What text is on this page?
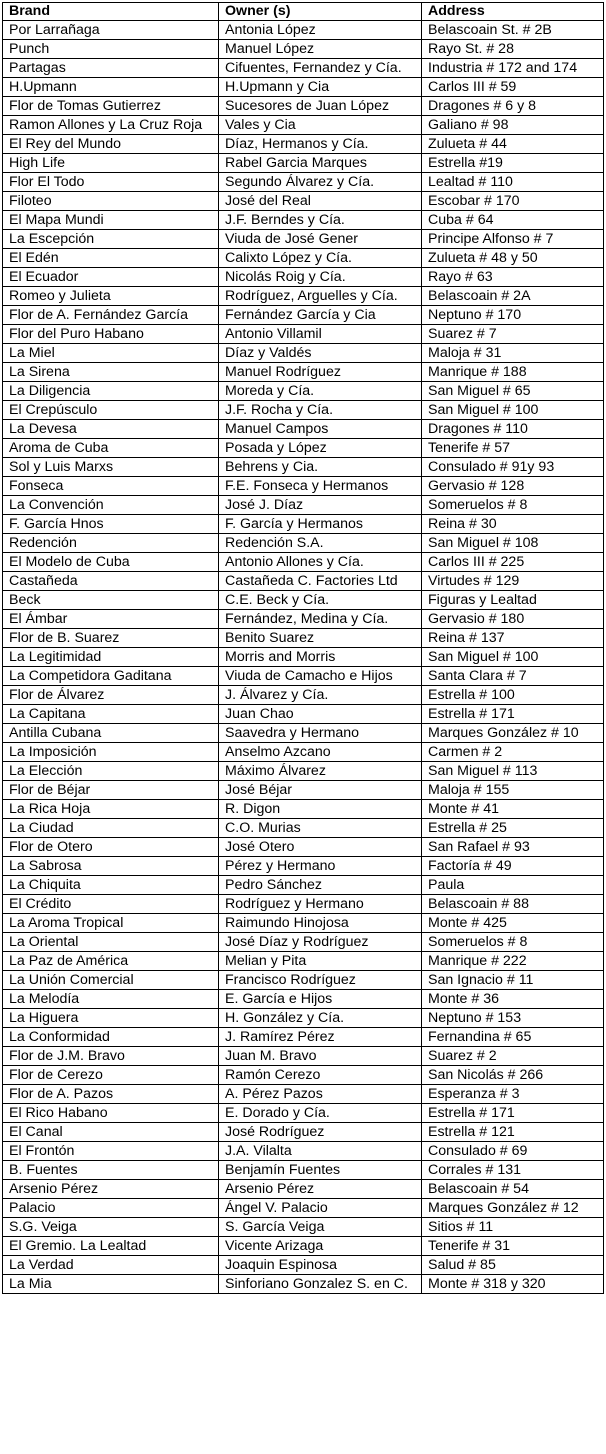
Brand	Owner (s)	Address
Por Larrañaga	Antonia López	Belascoain St. # 2B
Punch	Manuel López	Rayo St. # 28
Partagas	Cifuentes, Fernandez y Cía.	Industria # 172 and 174
H.Upmann	H.Upmann y Cia	Carlos III # 59
Flor de Tomas Gutierrez	Sucesores de Juan López	Dragones # 6 y 8
Ramon Allones y La Cruz Roja	Vales y Cia	Galiano # 98
El Rey del Mundo	Díaz, Hermanos y Cía.	Zulueta # 44
High Life	Rabel Garcia Marques	Estrella #19
Flor El Todo	Segundo Álvarez y Cía.	Lealtad # 110
Filoteo	José del Real	Escobar # 170
El Mapa Mundi	J.F. Berndes y Cía.	Cuba # 64
La Escepción	Viuda de José Gener	Principe Alfonso # 7
El Edén	Calixto López y Cía.	Zulueta # 48 y 50
El Ecuador	Nicolás Roig y Cía.	Rayo # 63
Romeo y Julieta	Rodríguez, Arguelles y Cía.	Belascoain # 2A
Flor de A. Fernández García	Fernández García y Cia	Neptuno # 170
Flor del Puro Habano	Antonio Villamil	Suarez # 7
La Miel	Díaz y Valdés	Maloja # 31
La Sirena	Manuel Rodríguez	Manrique # 188
La Diligencia	Moreda y Cía.	San Miguel # 65
El Crepúsculo	J.F. Rocha y Cía.	San Miguel # 100
La Devesa	Manuel Campos	Dragones # 110
Aroma de Cuba	Posada y López	Tenerife # 57
Sol y Luis Marxs	Behrens y Cia.	Consulado # 91y 93
Fonseca	F.E. Fonseca y Hermanos	Gervasio # 128
La Convención	José J. Díaz	Someruelos # 8
F. García Hnos	F. García y Hermanos	Reina # 30
Redención	Redención S.A.	San Miguel # 108
El Modelo de Cuba	Antonio Allones y Cía.	Carlos III # 225
Castañeda	Castañeda C. Factories Ltd	Virtudes # 129
Beck	C.E. Beck y Cía.	Figuras y Lealtad
El Ámbar	Fernández, Medina y Cía.	Gervasio # 180
Flor de B. Suarez	Benito Suarez	Reina # 137
La Legitimidad	Morris and Morris	San Miguel # 100
La Competidora Gaditana	Viuda de Camacho e Hijos	Santa Clara # 7
Flor de Álvarez	J. Álvarez y Cía.	Estrella # 100
La Capitana	Juan Chao	Estrella # 171
Antilla Cubana	Saavedra y Hermano	Marques González # 10
La Imposición	Anselmo Azcano	Carmen # 2
La Elección	Máximo Álvarez	San Miguel # 113
Flor de Béjar	José Béjar	Maloja # 155
La Rica Hoja	R. Digon	Monte # 41
La Ciudad	C.O. Murias	Estrella # 25
Flor de Otero	José Otero	San Rafael # 93
La Sabrosa	Pérez y Hermano	Factoría # 49
La Chiquita	Pedro Sánchez	Paula
El Crédito	Rodríguez y Hermano	Belascoain # 88
La Aroma Tropical	Raimundo Hinojosa	Monte # 425
La Oriental	José Díaz y Rodríguez	Someruelos # 8
La Paz de América	Melian y Pita	Manrique # 222
La Unión Comercial	Francisco Rodríguez	San Ignacio # 11
La Melodía	E. García e Hijos	Monte # 36
La Higuera	H. González y Cía.	Neptuno # 153
La Conformidad	J. Ramírez Pérez	Fernandina # 65
Flor de J.M. Bravo	Juan M. Bravo	Suarez # 2
Flor de Cerezo	Ramón Cerezo	San Nicolás # 266
Flor de A. Pazos	A. Pérez Pazos	Esperanza # 3
El Rico Habano	E. Dorado y Cía.	Estrella # 171
El Canal	José Rodríguez	Estrella # 121
El Frontón	J.A. Vilalta	Consulado # 69
B. Fuentes	Benjamín Fuentes	Corrales # 131
Arsenio Pérez	Arsenio Pérez	Belascoain # 54
Palacio	Ángel V. Palacio	Marques González # 12
S.G. Veiga	S. García Veiga	Sitios # 11
El Gremio. La Lealtad	Vicente Arizaga	Tenerife # 31
La Verdad	Joaquin Espinosa	Salud # 85
La Mia	Sinforiano Gonzalez S. en C.	Monte # 318 y 320
